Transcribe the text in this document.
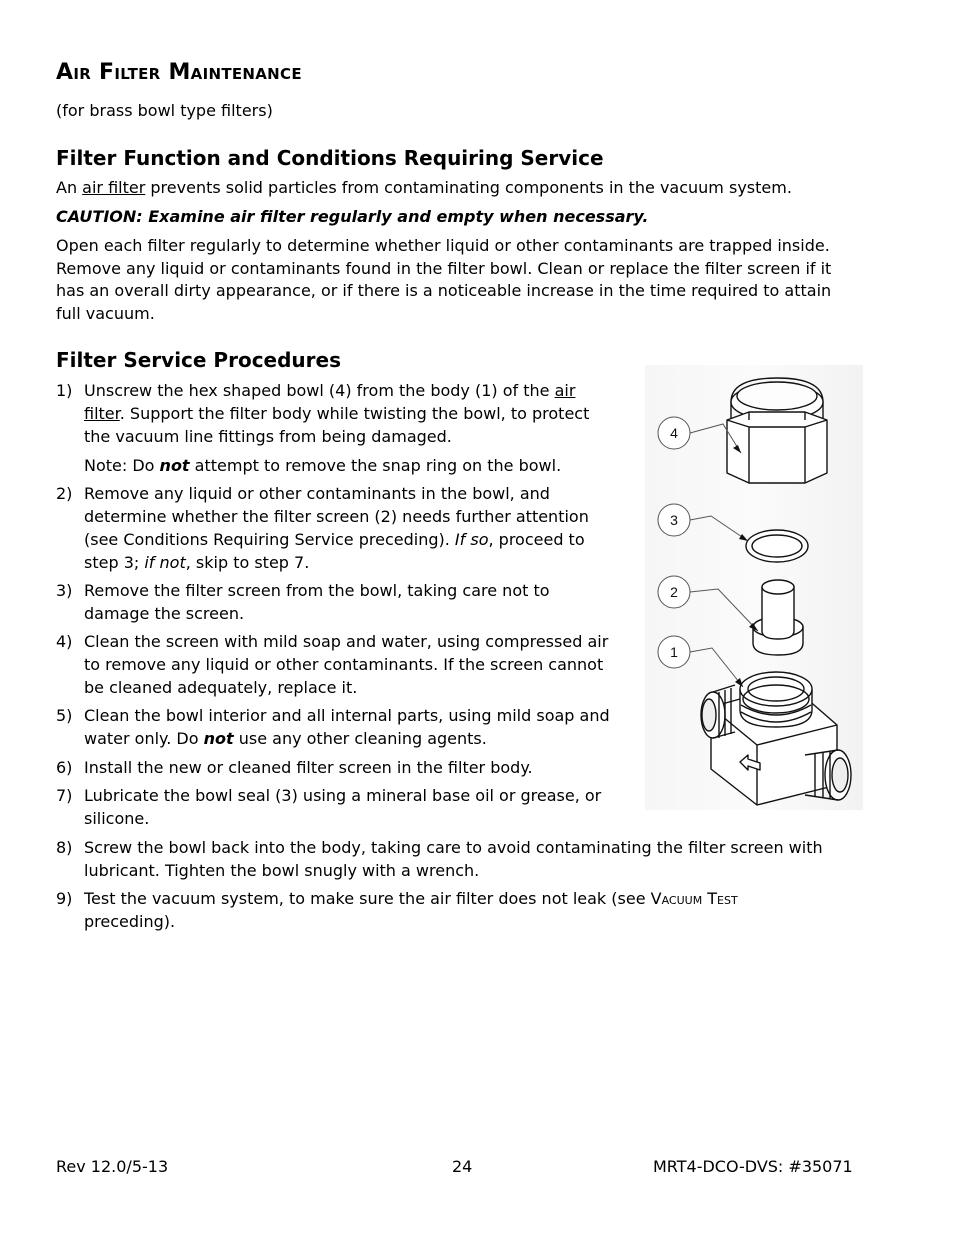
Air Filter Maintenance
(for brass bowl type filters)
Filter Function and Conditions Requiring Service
An air filter prevents solid particles from contaminating components in the vacuum system.
CAUTION: Examine air filter regularly and empty when necessary.
Open each filter regularly to determine whether liquid or other contaminants are trapped inside.
Remove any liquid or contaminants found in the filter bowl. Clean or replace the filter screen if it
has an overall dirty appearance, or if there is a noticeable increase in the time required to attain
full vacuum.
Filter Service Procedures
1) Unscrew the hex shaped bowl (4) from the body (1) of the air
filter. Support the filter body while twisting the bowl, to protect
the vacuum line fittings from being damaged.
Note: Do not attempt to remove the snap ring on the bowl.
2) Remove any liquid or other contaminants in the bowl, and
determine whether the filter screen (2) needs further attention
(see Conditions Requiring Service preceding). If so, proceed to
step 3; if not, skip to step 7.
3) Remove the filter screen from the bowl, taking care not to
damage the screen.
4) Clean the screen with mild soap and water, using compressed air
to remove any liquid or other contaminants. If the screen cannot
be cleaned adequately, replace it.
5) Clean the bowl interior and all internal parts, using mild soap and
water only. Do not use any other cleaning agents.
6) Install the new or cleaned filter screen in the filter body.
7) Lubricate the bowl seal (3) using a mineral base oil or grease, or
silicone.
8) Screw the bowl back into the body, taking care to avoid contaminating the filter screen with
lubricant. Tighten the bowl snugly with a wrench.
9) Test the vacuum system, to make sure the air filter does not leak (see Vacuum Test
preceding).
4
3
2
1
Rev 12.0/5-13	24	MRT4-DCO-DVS: #35071
